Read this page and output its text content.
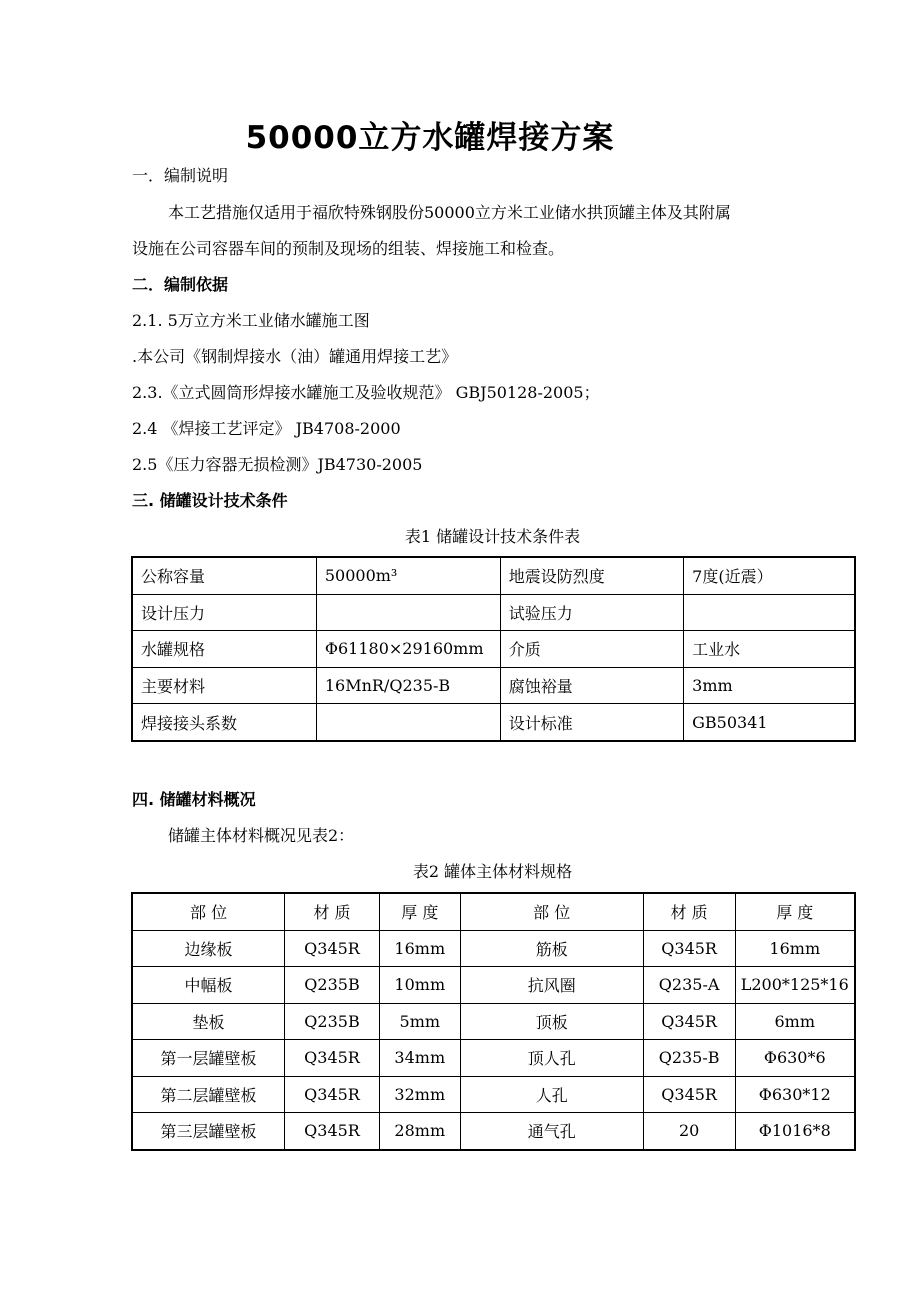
50000立方水罐焊接方案
一．编制说明
本工艺措施仅适用于福欣特殊钢股份50000立方米工业储水拱顶罐主体及其附属
设施在公司容器车间的预制及现场的组装、焊接施工和检查。
二．编制依据
2.1. 5万立方米工业储水罐施工图
.本公司《钢制焊接水（油）罐通用焊接工艺》
2.3.《立式圆筒形焊接水罐施工及验收规范》 GBJ50128-2005；
2.4 《焊接工艺评定》 JB4708-2000
2.5《压力容器无损检测》JB4730-2005
三. 储罐设计技术条件
表1 储罐设计技术条件表
公称容量	50000m³	地震设防烈度	7度(近震）
设计压力		试验压力	
水罐规格	Φ61180×29160mm	介质	工业水
主要材料	16MnR/Q235-B	腐蚀裕量	3mm
焊接接头系数		设计标准	GB50341
四. 储罐材料概况
储罐主体材料概况见表2：
表2 罐体主体材料规格
部 位	材 质	厚 度	部 位	材 质	厚 度
边缘板	Q345R	16mm	筋板	Q345R	16mm
中幅板	Q235B	10mm	抗风圈	Q235-A	L200*125*16
垫板	Q235B	5mm	顶板	Q345R	6mm
第一层罐壁板	Q345R	34mm	顶人孔	Q235-B	Φ630*6
第二层罐壁板	Q345R	32mm	人孔	Q345R	Φ630*12
第三层罐壁板	Q345R	28mm	通气孔	20	Φ1016*8
